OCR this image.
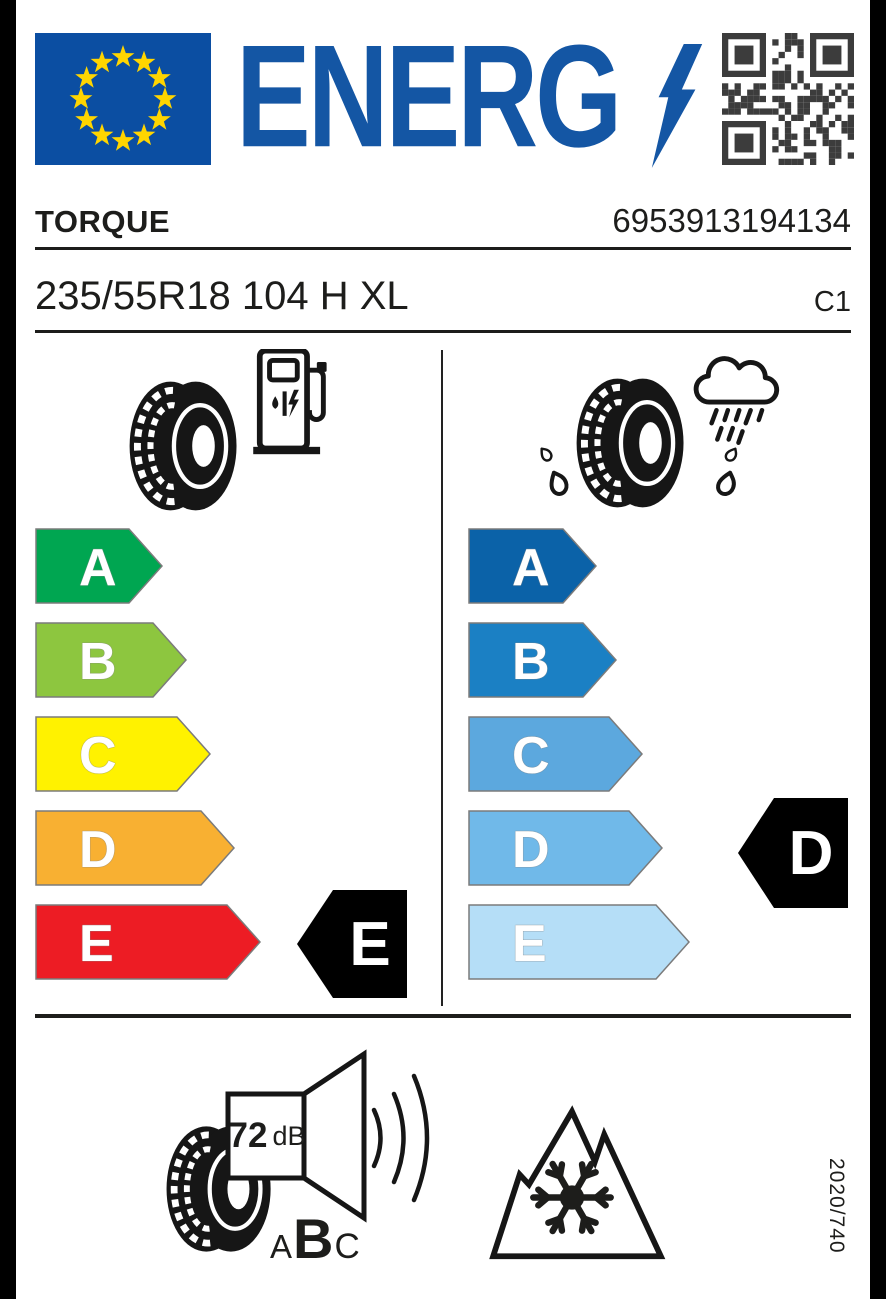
ENERG
TORQUE	6953913194134
235/55R18 104 H XL	C1
A
B
C
D
E
A
B
C
D
E
E
D
72 dB
A B C	2020/740
